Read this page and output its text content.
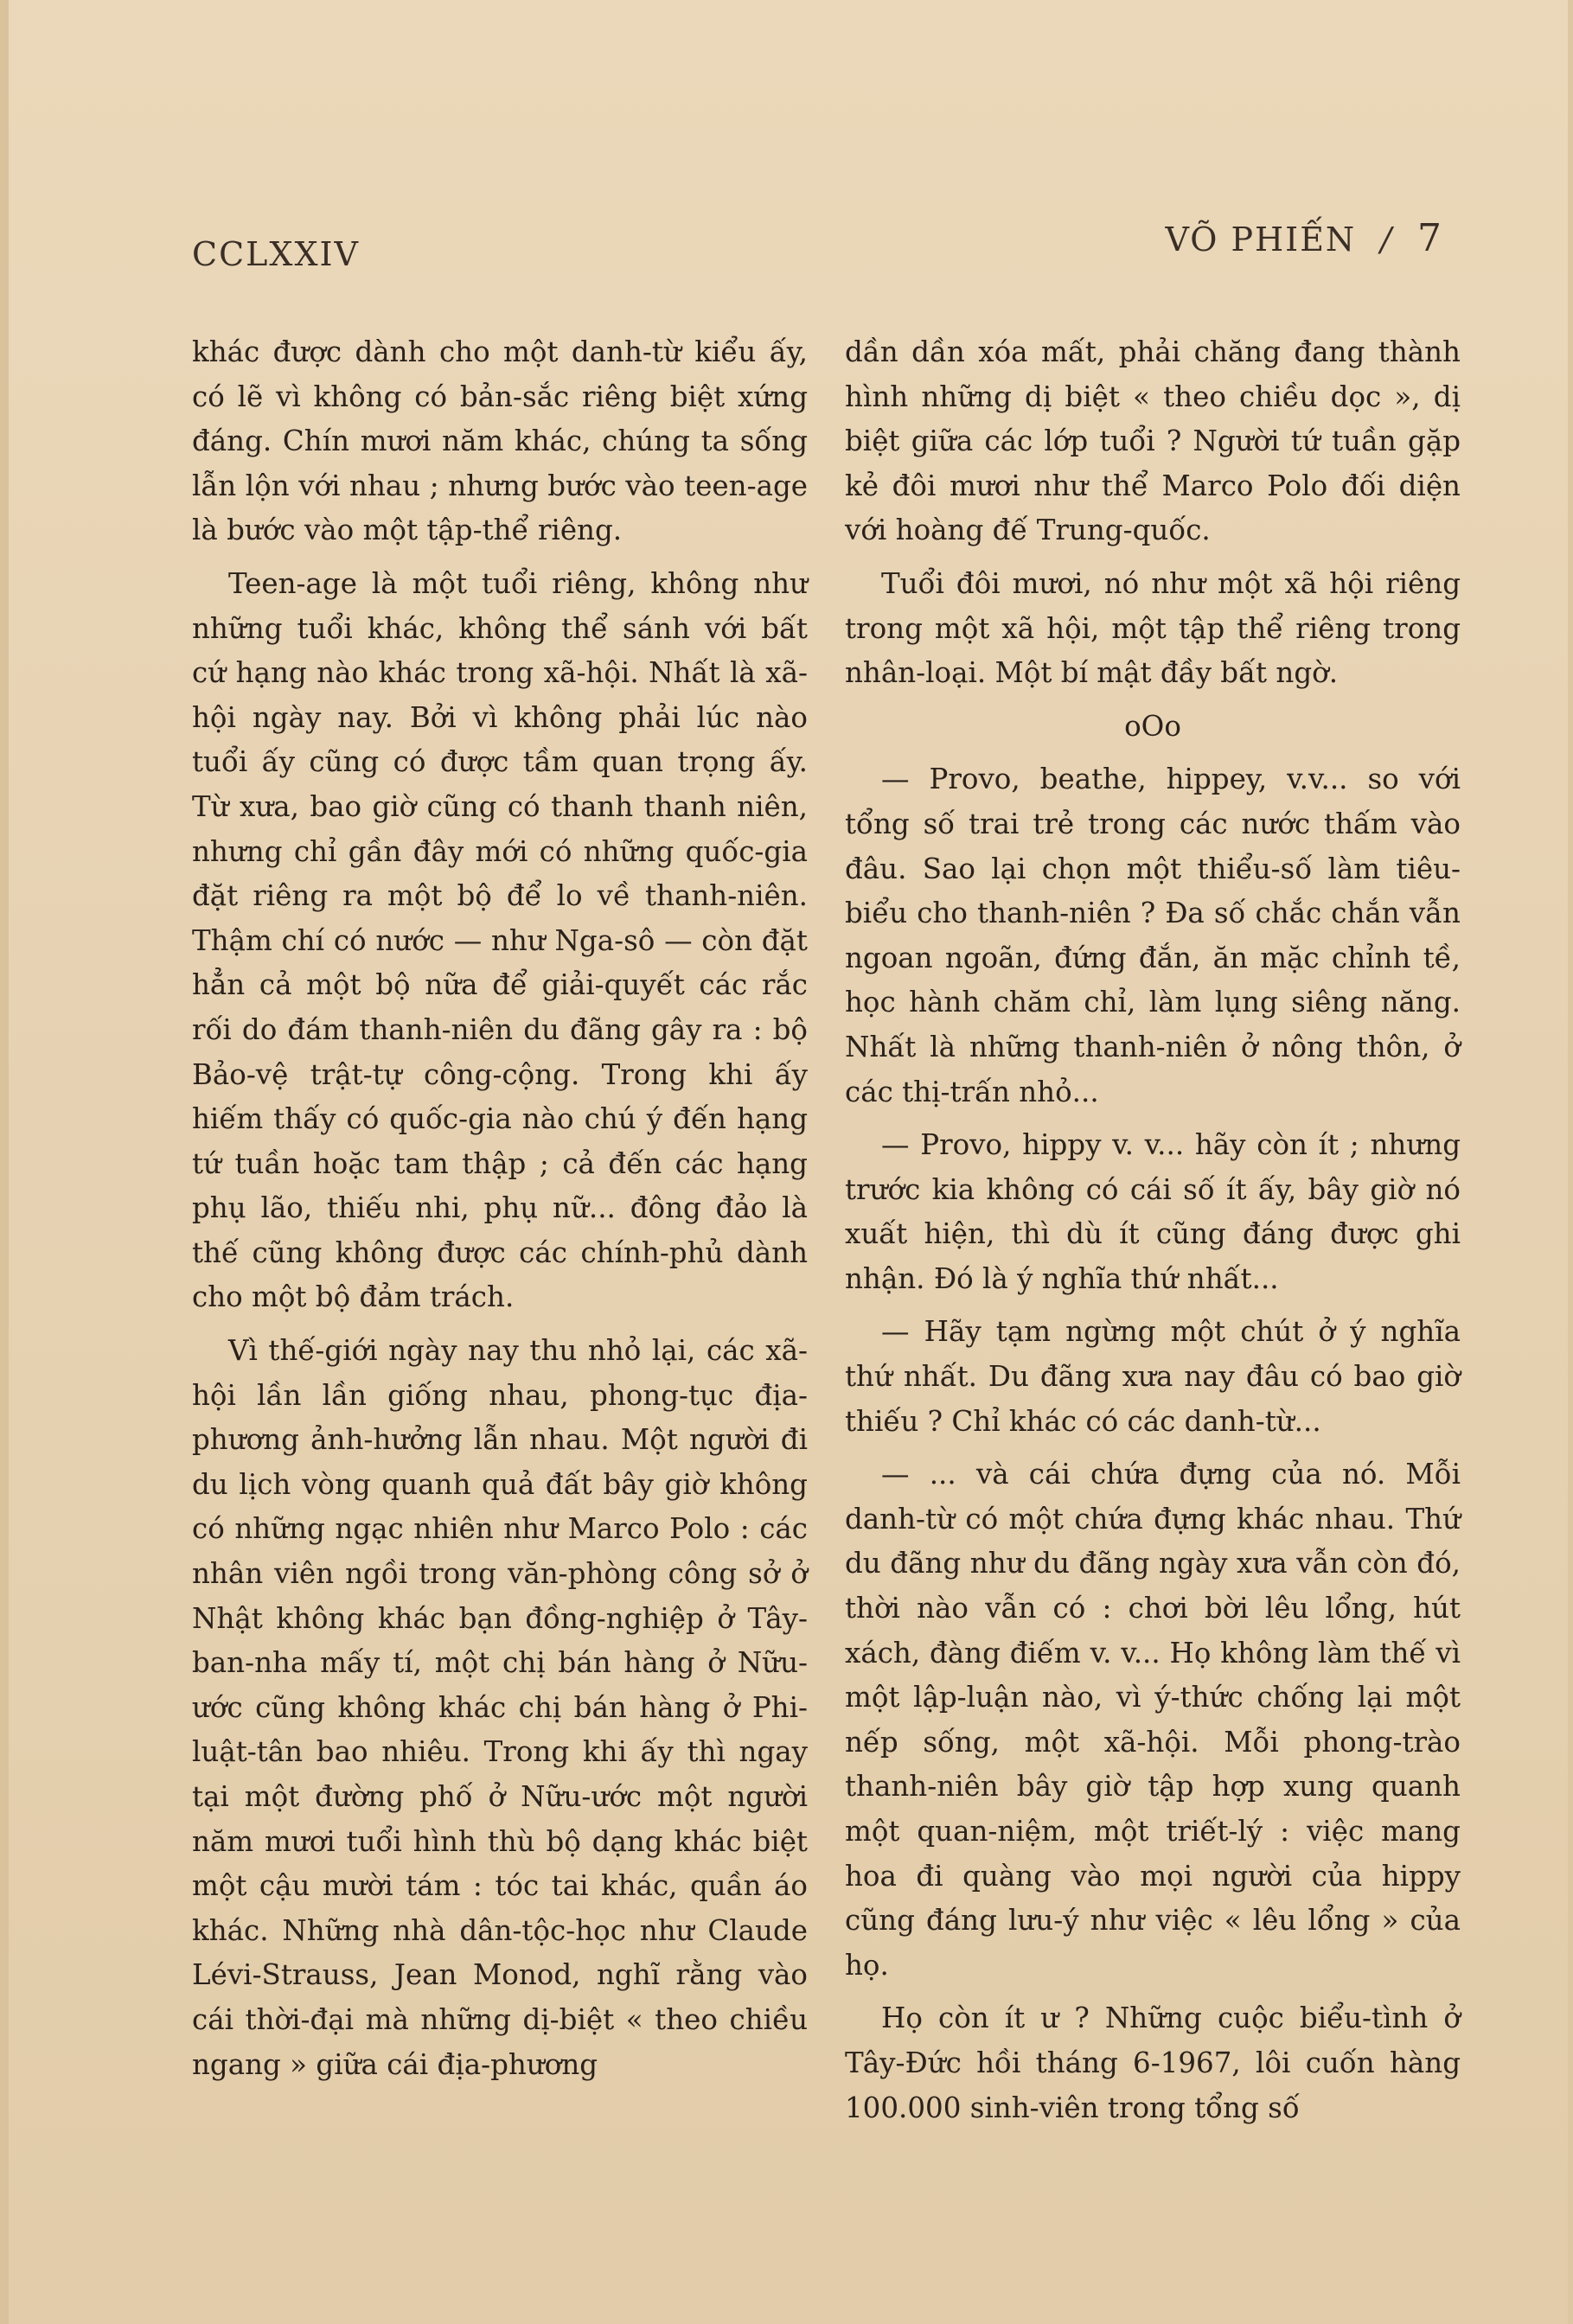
CCLXXIV	VÕ PHIẾN / 7

khác được dành cho một danh-từ kiểu ấy, có lẽ vì không có bản-sắc riêng biệt xứng đáng. Chín mươi năm khác, chúng ta sống lẫn lộn với nhau ; nhưng bước vào teen-age là bước vào một tập-thể riêng.

Teen-age là một tuổi riêng, không như những tuổi khác, không thể sánh với bất cứ hạng nào khác trong xã-hội. Nhất là xã-hội ngày nay. Bởi vì không phải lúc nào tuổi ấy cũng có được tầm quan trọng ấy. Từ xưa, bao giờ cũng có thanh thanh niên, nhưng chỉ gần đây mới có những quốc-gia đặt riêng ra một bộ để lo về thanh-niên. Thậm chí có nước — như Nga-sô — còn đặt hẳn cả một bộ nữa để giải-quyết các rắc rối do đám thanh-niên du đãng gây ra : bộ Bảo-vệ trật-tự công-cộng. Trong khi ấy hiếm thấy có quốc-gia nào chú ý đến hạng tứ tuần hoặc tam thập ; cả đến các hạng phụ lão, thiếu nhi, phụ nữ... đông đảo là thế cũng không được các chính-phủ dành cho một bộ đảm trách.

Vì thế-giới ngày nay thu nhỏ lại, các xã-hội lần lần giống nhau, phong-tục địa-phương ảnh-hưởng lẫn nhau. Một người đi du lịch vòng quanh quả đất bây giờ không có những ngạc nhiên như Marco Polo : các nhân viên ngồi trong văn-phòng công sở ở Nhật không khác bạn đồng-nghiệp ở Tây-ban-nha mấy tí, một chị bán hàng ở Nữu-ước cũng không khác chị bán hàng ở Phi-luật-tân bao nhiêu. Trong khi ấy thì ngay tại một đường phố ở Nữu-ước một người năm mươi tuổi hình thù bộ dạng khác biệt một cậu mười tám : tóc tai khác, quần áo khác. Những nhà dân-tộc-học như Claude Lévi-Strauss, Jean Monod, nghĩ rằng vào cái thời-đại mà những dị-biệt « theo chiều ngang » giữa cái địa-phương

dần dần xóa mất, phải chăng đang thành hình những dị biệt « theo chiều dọc », dị biệt giữa các lớp tuổi ? Người tứ tuần gặp kẻ đôi mươi như thể Marco Polo đối diện với hoàng đế Trung-quốc.

Tuổi đôi mươi, nó như một xã hội riêng trong một xã hội, một tập thể riêng trong nhân-loại. Một bí mật đầy bất ngờ.

oOo

— Provo, beathe, hippey, v.v... so với tổng số trai trẻ trong các nước thấm vào đâu. Sao lại chọn một thiểu-số làm tiêu-biểu cho thanh-niên ? Đa số chắc chắn vẫn ngoan ngoãn, đứng đắn, ăn mặc chỉnh tề, học hành chăm chỉ, làm lụng siêng năng. Nhất là những thanh-niên ở nông thôn, ở các thị-trấn nhỏ...

— Provo, hippy v. v... hãy còn ít ; nhưng trước kia không có cái số ít ấy, bây giờ nó xuất hiện, thì dù ít cũng đáng được ghi nhận. Đó là ý nghĩa thứ nhất...

— Hãy tạm ngừng một chút ở ý nghĩa thứ nhất. Du đãng xưa nay đâu có bao giờ thiếu ? Chỉ khác có các danh-từ...

— ... và cái chứa đựng của nó. Mỗi danh-từ có một chứa đựng khác nhau. Thứ du đãng như du đãng ngày xưa vẫn còn đó, thời nào vẫn có : chơi bời lêu lổng, hút xách, đàng điếm v. v... Họ không làm thế vì một lập-luận nào, vì ý-thức chống lại một nếp sống, một xã-hội. Mỗi phong-trào thanh-niên bây giờ tập hợp xung quanh một quan-niệm, một triết-lý : việc mang hoa đi quàng vào mọi người của hippy cũng đáng lưu-ý như việc « lêu lổng » của họ.

Họ còn ít ư ? Những cuộc biểu-tình ở Tây-Đức hồi tháng 6-1967, lôi cuốn hàng 100.000 sinh-viên trong tổng số
